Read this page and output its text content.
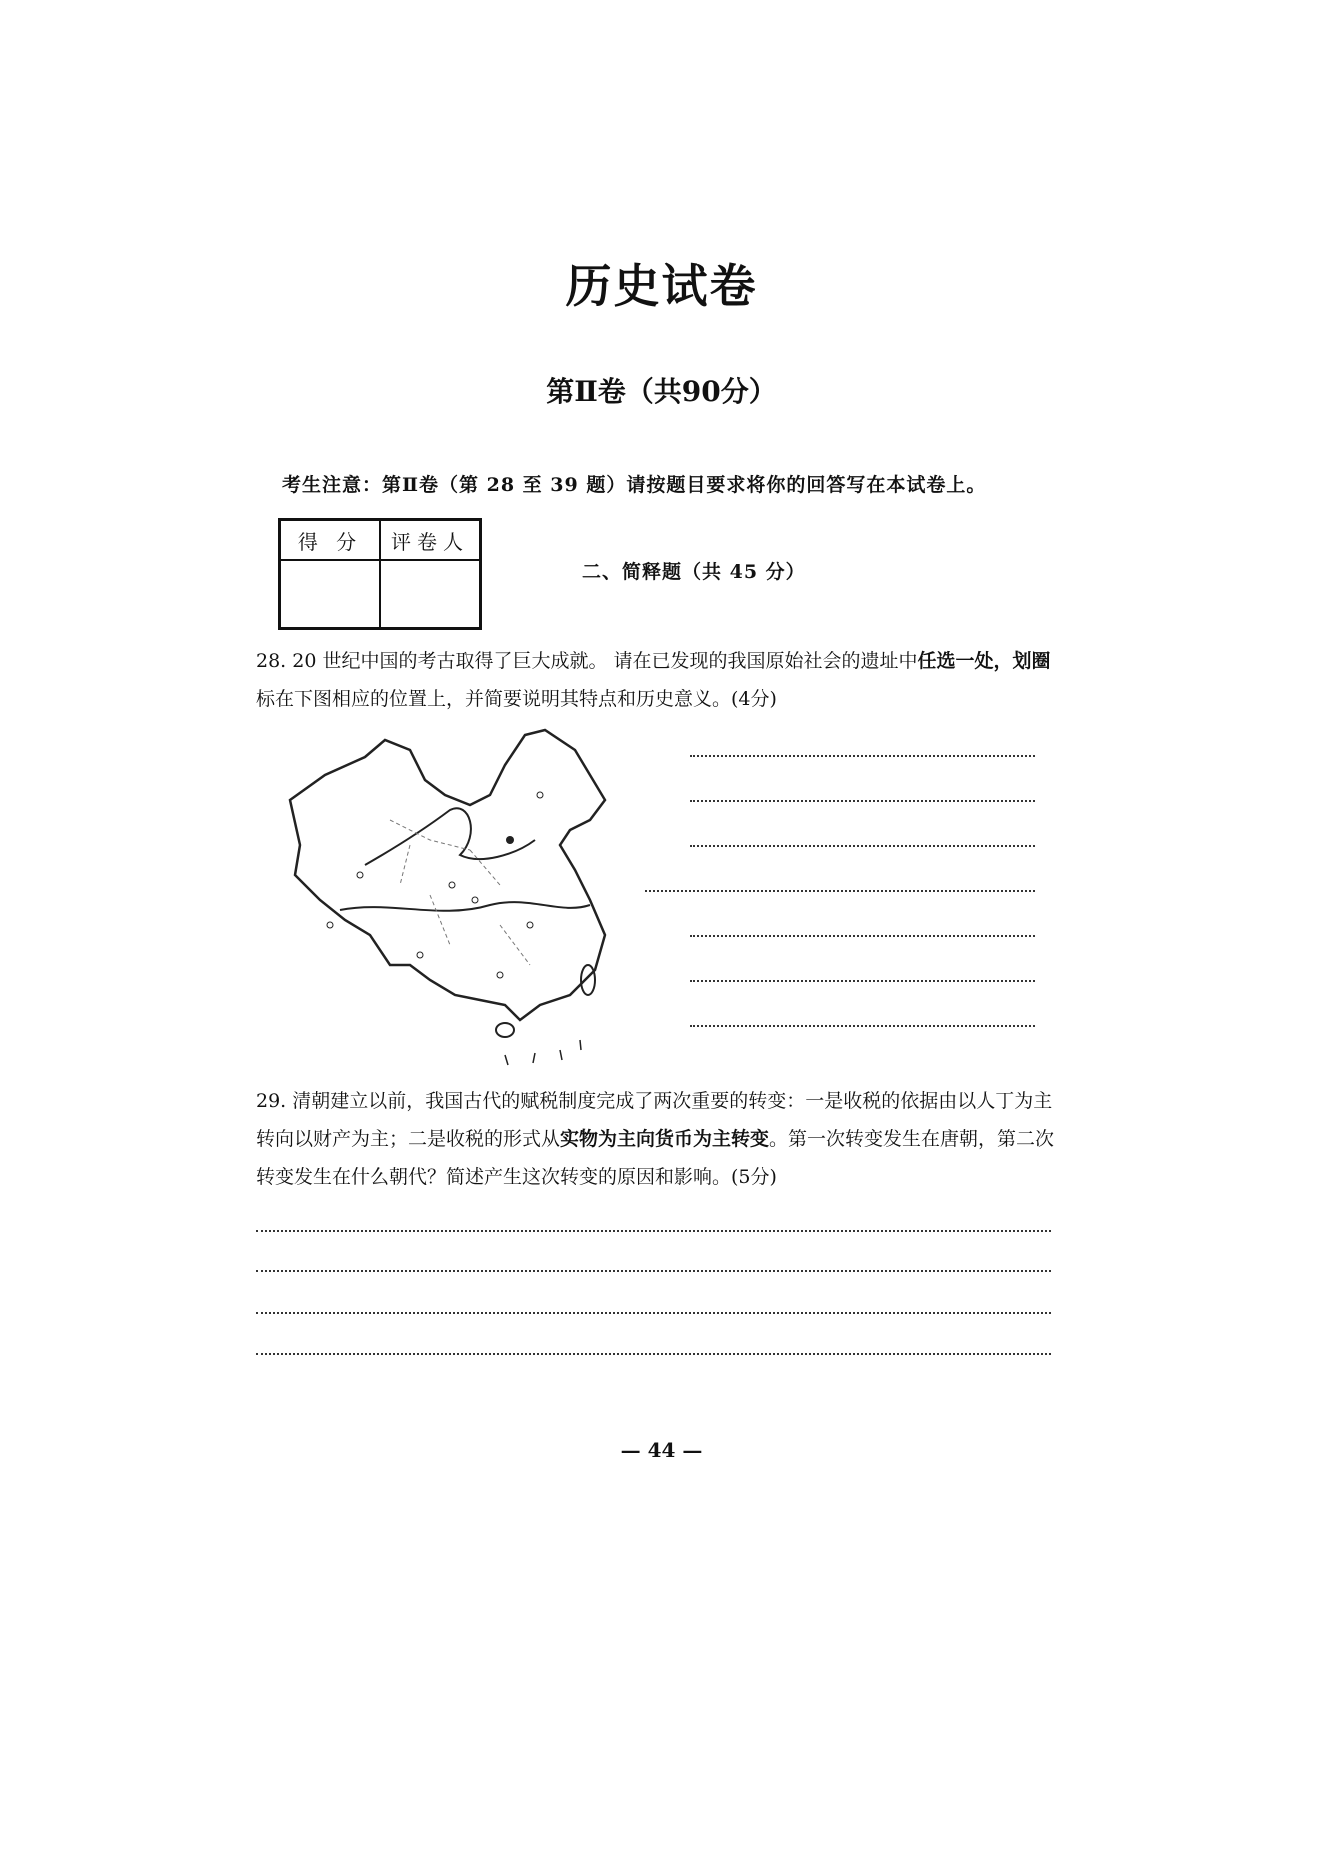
历史试卷
第Ⅱ卷（共90分）
考生注意：第Ⅱ卷（第 28 至 39 题）请按题目要求将你的回答写在本试卷上。
得 分	评卷人

二、简释题（共 45 分）
28. 20 世纪中国的考古取得了巨大成就。 请在已发现的我国原始社会的遗址中任选一处，划圈
标在下图相应的位置上，并简要说明其特点和历史意义。(4分)
29. 清朝建立以前，我国古代的赋税制度完成了两次重要的转变：一是收税的依据由以人丁为主转向以财产为主；二是收税的形式从实物为主向货币为主转变。第一次转变发生在唐朝，第二次转变发生在什么朝代？简述产生这次转变的原因和影响。(5分)
— 44 —
